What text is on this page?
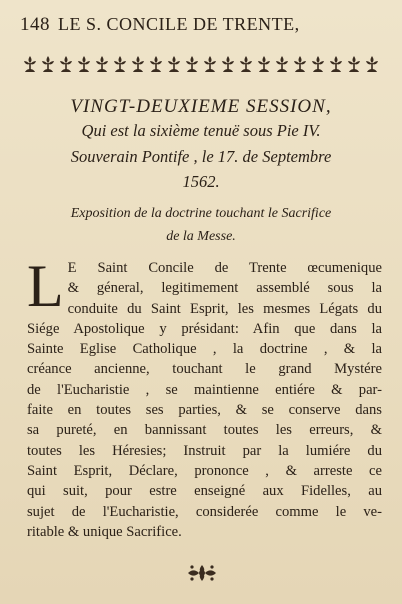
148 LE S. CONCILE DE TRENTE,
VINGT-DEUXIEME SESSION,
Qui est la sixième tenuë sous Pie IV.
Souverain Pontife , le 17. de Septembre
1562.
Exposition de la doctrine touchant le Sacrifice
de la Messe.
L E Saint Concile de Trente œcumenique
& géneral, legitimement assemblé sous la
conduite du Saint Esprit, les mesmes Légats du
Siége Apostolique y présidant: Afin que dans la
Sainte Eglise Catholique , la doctrine , & la
créance ancienne, touchant le grand Mystére
de l'Eucharistie , se maintienne entiére & par-
faite en toutes ses parties, & se conserve dans
sa pureté, en bannissant toutes les erreurs, &
toutes les Héresies; Instruit par la lumiére du
Saint Esprit, Déclare, prononce , & arreste ce
qui suit, pour estre enseigné aux Fidelles, au
sujet de l'Eucharistie, considerée comme le ve-
ritable & unique Sacrifice.
